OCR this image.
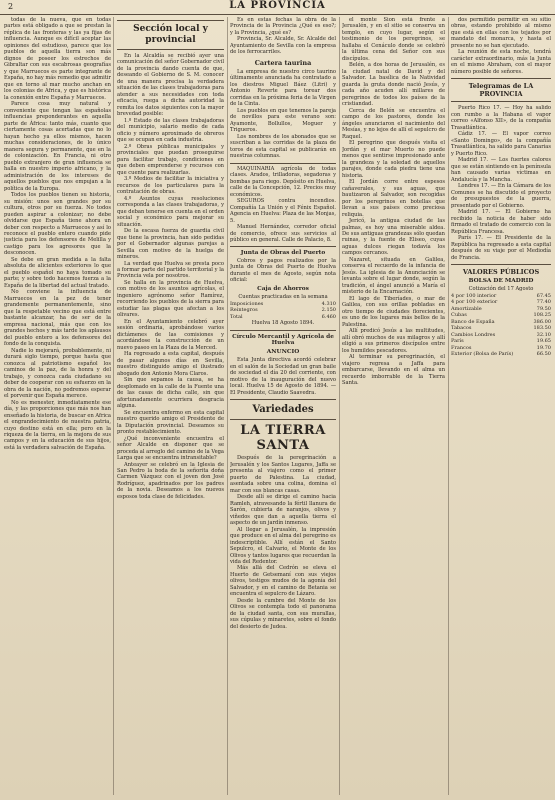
2	LA PROVINCIA

todas de la nueva, que en todas partes está obligado a que se prestan la réplica de las fronteras y las ya fijas de influencia. Aunque es difícil aceptar las opiniones del estudioso, parece que los pueblos de aquella tierra son más dignos de poseer los estrechos de Gibraltar con sus escabrosas geografías y que Marruecos es parte integrante de España, no hay más remedio que admitir que en torno al mar mucho anchan en los colonias de Africa, y que es histórica la conexión entre España y Marruecos.

Parece cosa muy natural y conveniente que tengan las españolas influencias preponderantes en aquella parte de África: tanto más, cuanto que ciertamente cosas acertadas que no lo hayan hecho ya ellos mismos, hacen muchas consideraciones, de lo único manera segura y permanente, que en la de colonización. En Francia, ni otro pueblo extranjero de gran influencia se halla en nuestro imperio africano, y la administración de los intereses de aquellos pueblos que nos empujan a la política de la Europa.

Todos los pueblos tienen su historia, su misión: unos son grandes por su cultura, otros por su fuerza. No todos pueden aspirar a colonizar; no debe olvidarse que España tiene ahora un deber con respecto a Marruecos y así lo reconoce el pueblo entero cuando pide justicia para los defensores de Melilla y castigo para los agresores que la desconocen.

Se debe en gran medida a la falta absoluta de alicientes exteriores lo que el pueblo español no haya tomado su parte; y sobre todo hacemos fuerza a la España de la libertad del actual tratado.

No conviene la influencia de Marruecos en la pez de tener grandemente permanentemente, sino que la respetable vecino que está entre bastante alcanzar, ha de ser de la empresa nacional, más que con los grandes hechos y más tarde los aplausos del pueblo entero a los defensores del fondo de la conquista.

Nadie lo mejorará, probablemente, ni durará siglo tiempo, porque hasta que conozca al patriotismo español los caminos de la paz, de la honra y del trabajo, y conozca cada ciudadano su deber de cooperar con su esfuerzo en la obra de la nación, no podremos esperar el porvenir que España merece.

No es menester, inmediatamente ese día, y las proporciones que más nos han enseñado la historia, de buscar en Africa el engrandecimiento de nuestra patria, cuyo destino está en ella; pero en la riqueza de la tierra, en la mejora de sus campos y en la educación de sus hijos, está la verdadera salvación de España.

Sección local y provincial

En la Alcaldía se recibió ayer una comunicación del señor Gobernador civil de la provincia dando cuenta de que, deseando el Gobierno de S. M. conocer de una manera precisa la verdadera situación de las clases trabajadoras para atender a sus necesidades con toda eficacia, ruega a dicha autoridad la remita los datos siguientes con la mayor brevedad posible:

1.º Estado de las clases trabajadoras del municipio, salario medio de cada oficio y número aproximado de obreros que se ocupan en cada industria.

2.º Obras públicas municipales y provinciales que puedan proseguirse para facilitar trabajo, condiciones en que deben emprenderse y recursos con que cuente para realizarlas.

3.º Medios de facilitar la iniciativa y recursos de los particulares para la contratación de obras.

4.º Asuntos cuyas resoluciones corresponda a las clases trabajadoras, y que deban tenerse en cuenta en el orden social y económico para mejorar su situación.

De la escasa fuerza de guardia civil que tiene la provincia, han sido pedidas por el Gobernador algunas parejas a Sevilla con motivo de la huelga de mineros.

La verdad que Huelva se presta poco a formar parte del partido territorial y la Provincia vela por nosotros.

Se halla en la provincia de Huelva, con motivo de los asuntos agrícolas, el ingeniero agrónomo señor Ramírez, recorriendo los pueblos de la sierra para estudiar las plagas que afectan a los olivares.

En el Ayuntamiento celebró ayer sesión ordinaria, aprobándose varios dictámenes de las comisiones y acordándose la construcción de un nuevo paseo en la Plaza de la Merced.

Ha regresado a esta capital, después de pasar algunos días en Sevilla, nuestro distinguido amigo el ilustrado abogado don Antonio Mora Claros.

Sin que sepamos la causa, se ha desplomado en la calle de la Fuente una de las casas de dicha calle, sin que afortunadamente ocurriera desgracia alguna.

Se encuentra enfermo en esta capital nuestro querido amigo el Presidente de la Diputación provincial. Deseamos su pronto restablecimiento.

¿Qué inconveniente encuentra el señor Alcalde en disponer que se proceda al arreglo del camino de la Vega Larga que se encuentra intransitable?

Anteayer se celebró en la Iglesia de San Pedro la boda de la señorita doña Carmen Vázquez con el joven don José Rodríguez, apadrinados por los padres de la novia. Deseamos a los nuevos esposos toda clase de felicidades.

Es en estas fechas la obra de la Provincia de la Provincia ¿Qué es eso?; y la Provincia, ¿qué es?

Provincia, Sr. Alcalde, Sr. Alcalde del Ayuntamiento de Sevilla con la empresa de los ferrocarriles.

Cartera taurina

La empresa de nuestro circo taurino últimamente anunciada ha contratado a los diestros Miguel Báez (Litri) y Antonio Reverte para torear dos corridas en la próxima feria de la Virgen de la Cinta.

Los pueblos en que tenemos la pareja de novillos para este verano son: Ayamonte, Bollullos, Moguer y Trigueros.

Los nombres de los abonados que se suscriban a las corridas de la plaza de toros de esta capital se publicarán en nuestras columnas.

MAQUINARIA agrícola de todas clases. Arados, trilladoras, segadoras y bombas para riego. Depósito en Huelva, calle de la Concepción, 12. Precios muy económicos.

SEGUROS contra incendios. Compañía La Unión y el Fénix Español. Agencia en Huelva: Plaza de las Monjas, 5.

Manuel Hernández, corredor oficial de comercio, ofrece sus servicios al público en general. Calle de Palacio, 8.

Junta de Obras del Puerto

Cobros y pagos realizados por la Junta de Obras del Puerto de Huelva durante el mes de Agosto, según nota oficial:

Caja de Ahorros
Cuentas practicadas en la semana
Imposiciones	4.310
Reintegros	2.150
Total	6.460
Huelva 18 Agosto 1894.
Círculo Mercantil y Agrícola de Huelva
ANUNCIO

Esta Junta directiva acordó celebrar en el salón de la Sociedad un gran baile de sociedad el día 20 del corriente, con motivo de la inauguración del nuevo local. Huelva 15 de Agosto de 1894. — El Presidente, Claudio Saavedra.

Variedades
LA TIERRA SANTA

Después de la peregrinación a Jerusalén y los Santos Lugares, Jaffa se presenta al viajero como el primer puerto de Palestina. La ciudad, asentada sobre una colina, domina el mar con sus blancas casas.

Desde allí se dirige el camino hacia Ramleh, atravesando la fértil llanura de Sarón, cubierta de naranjos, olivos y viñedos que dan a aquella tierra el aspecto de un jardín inmenso.

Al llegar a Jerusalén, la impresión que produce en el alma del peregrino es indescriptible. Allí están el Santo Sepulcro, el Calvario, el Monte de los Olivos y tantos lugares que recuerdan la vida del Redentor.

Más allá del Cedrón se eleva el Huerto de Getsemaní con sus viejos olivos, testigos mudos de la agonía del Salvador, y en el camino de Betania se encuentra el sepulcro de Lázaro.

Desde la cumbre del Monte de los Olivos se contempla todo el panorama de la ciudad santa, con sus murallas, sus cúpulas y minaretes, sobre el fondo del desierto de Judea.

el monte Sion está frente a Jerusalén, y en el sitio se conserva un templo, en cuyo lugar, según el testimonio de los peregrinos, se hallaba el Cenáculo donde se celebró la última cena del Señor con sus discípulos.

Belén, a dos horas de Jerusalén, es la ciudad natal de David y del Salvador. La basílica de la Natividad guarda la gruta donde nació Jesús, y cada año acuden allí millares de peregrinos de todos los países de la cristiandad.

Cerca de Belén se encuentra el campo de los pastores, donde los ángeles anunciaron el nacimiento del Mesías, y no lejos de allí el sepulcro de Raquel.

El peregrino que después visita el Jordán y el mar Muerto no puede menos que sentirse impresionado ante la grandeza y la soledad de aquellos parajes, donde cada piedra tiene una historia.

El Jordán corre entre espesos cañaverales, y sus aguas, que bautizaron al Salvador, son recogidas por los peregrinos en botellas que llevan a sus países como preciosa reliquia.

Jericó, la antigua ciudad de las palmas, es hoy una miserable aldea. De sus antiguas grandezas sólo quedan ruinas, y la fuente de Eliseo, cuyas aguas dulces riegan todavía los campos cercanos.

Nazaret, situada en Galilea, conserva el recuerdo de la infancia de Jesús. La iglesia de la Anunciación se levanta sobre el lugar donde, según la tradición, el ángel anunció a María el misterio de la Encarnación.

El lago de Tiberíades, o mar de Galilea, con sus orillas pobladas en otro tiempo de ciudades florecientes, es uno de los lugares más bellos de la Palestina.

Allí predicó Jesús a las multitudes, allí obró muchos de sus milagros y allí eligió a sus primeros discípulos entre los humildes pescadores.

Al terminar su peregrinación, el viajero regresa a Jaffa para embarcarse, llevando en el alma un recuerdo imborrable de la Tierra Santa.

dos permitido permitir en su sitio obras, estando prohibido al mismo que está en ellas con los tejados por mandato del monarca, y hasta el presente no se han ejecutado.

La reunión de esta noche, tendrá carácter extraordinario, más la Junta en el mismo Abraham, con el mayor número posible de señores.

Telegramas de LA PROVINCIA

Puerto Rico 17. — Hoy ha salido con rumbo a la Habana el vapor correo «Alfonso XII», de la compañía Trasatlántica.

Cádiz 17. — El vapor correo «Santo Domingo», de la compañía Trasatlántica, ha salido para Canarias y Puerto Rico.

Madrid 17. — Los fuertes calores que se están sintiendo en la península han causado varias víctimas en Andalucía y la Mancha.

Londres 17. — En la Cámara de los Comunes se ha discutido el proyecto de presupuestos de la guerra, presentado por el Gobierno.

Madrid 17. — El Gobierno ha recibido la noticia de haber sido firmado el tratado de comercio con la República Francesa.

París 17. — El Presidente de la República ha regresado a esta capital después de su viaje por el Mediodía de Francia.

VALORES PÚBLICOS
BOLSA DE MADRID
Cotización del 17 Agosto
4 por 100 interior	67.45
4 por 100 exterior	77.40
Amortizable	79.50
Cubas	108.25
Banco de España	386.00
Tabacos	183.50
Cambios Londres	32.10
París	19.65
Francos	19.70
Exterior (Bolsa de París)	66.50
